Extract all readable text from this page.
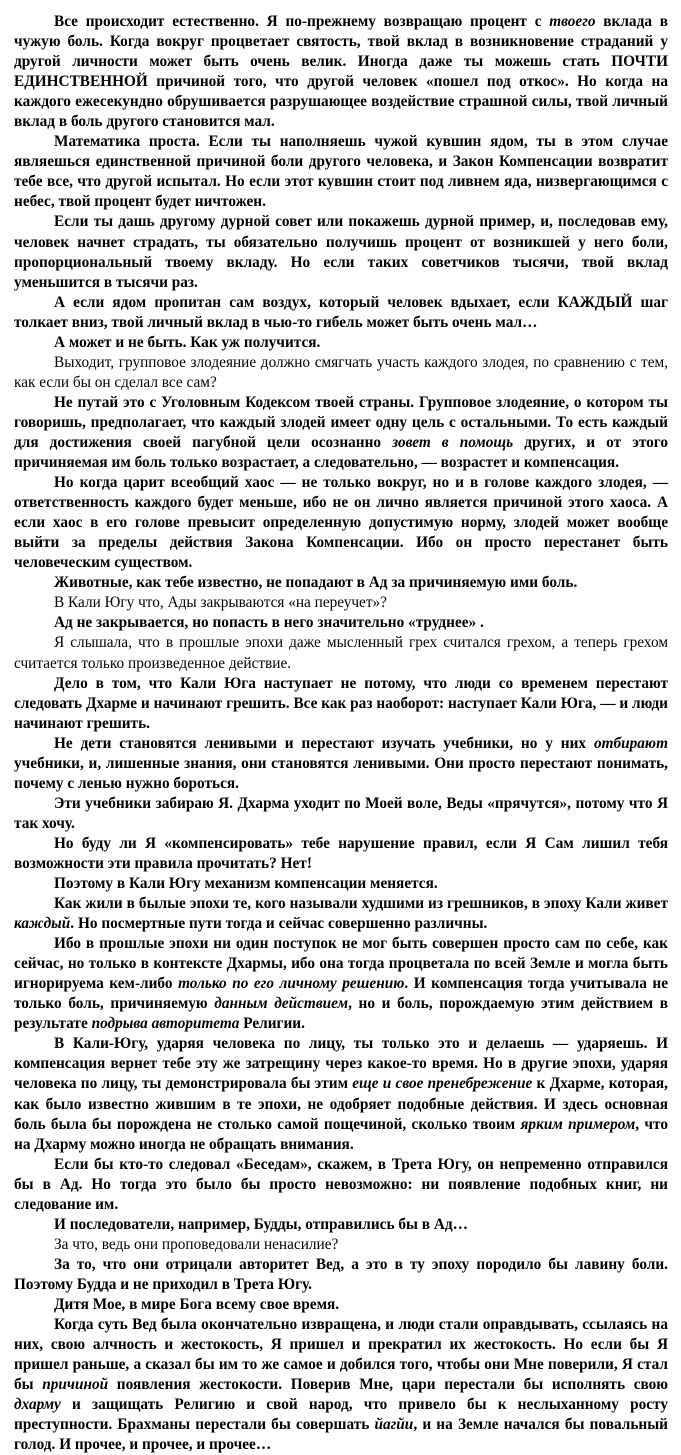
Все происходит естественно. Я по-прежнему возвращаю процент с твоего вклада в чужую боль. Когда вокруг процветает святость, твой вклад в возникновение страданий у другой личности может быть очень велик. Иногда даже ты можешь стать ПОЧТИ ЕДИНСТВЕННОЙ причиной того, что другой человек «пошел под откос». Но когда на каждого ежесекундно обрушивается разрушающее воздействие страшной силы, твой личный вклад в боль другого становится мал.

Математика проста. Если ты наполняешь чужой кувшин ядом, ты в этом случае являешься единственной причиной боли другого человека, и Закон Компенсации возвратит тебе все, что другой испытал. Но если этот кувшин стоит под ливнем яда, низвергающимся с небес, твой процент будет ничтожен.

Если ты дашь другому дурной совет или покажешь дурной пример, и, последовав ему, человек начнет страдать, ты обязательно получишь процент от возникшей у него боли, пропорциональный твоему вкладу. Но если таких советчиков тысячи, твой вклад уменьшится в тысячи раз.

А если ядом пропитан сам воздух, который человек вдыхает, если КАЖДЫЙ шаг толкает вниз, твой личный вклад в чью-то гибель может быть очень мал…

А может и не быть. Как уж получится.

Выходит, групповое злодеяние должно смягчать участь каждого злодея, по сравнению с тем, как если бы он сделал все сам?

Не путай это с Уголовным Кодексом твоей страны. Групповое злодеяние, о котором ты говоришь, предполагает, что каждый злодей имеет одну цель с остальными. То есть каждый для достижения своей пагубной цели осознанно зовет в помощь других, и от этого причиняемая им боль только возрастает, а следовательно, — возрастет и компенсация.

Но когда царит всеобщий хаос — не только вокруг, но и в голове каждого злодея, — ответственность каждого будет меньше, ибо не он лично является причиной этого хаоса. А если хаос в его голове превысит определенную допустимую норму, злодей может вообще выйти за пределы действия Закона Компенсации. Ибо он просто перестанет быть человеческим существом.

Животные, как тебе известно, не попадают в Ад за причиняемую ими боль.

В Кали Югу что, Ады закрываются «на переучет»?

Ад не закрывается, но попасть в него значительно «труднее» .

Я слышала, что в прошлые эпохи даже мысленный грех считался грехом, а теперь грехом считается только произведенное действие.

Дело в том, что Кали Юга наступает не потому, что люди со временем перестают следовать Дхарме и начинают грешить. Все как раз наоборот: наступает Кали Юга, — и люди начинают грешить.

Не дети становятся ленивыми и перестают изучать учебники, но у них отбирают учебники, и, лишенные знания, они становятся ленивыми. Они просто перестают понимать, почему с ленью нужно бороться.

Эти учебники забираю Я. Дхарма уходит по Моей воле, Веды «прячутся», потому что Я так хочу.

Но буду ли Я «компенсировать» тебе нарушение правил, если Я Сам лишил тебя возможности эти правила прочитать? Нет!

Поэтому в Кали Югу механизм компенсации меняется.

Как жили в былые эпохи те, кого называли худшими из грешников, в эпоху Кали живет каждый. Но посмертные пути тогда и сейчас совершенно различны.

Ибо в прошлые эпохи ни один поступок не мог быть совершен просто сам по себе, как сейчас, но только в контексте Дхармы, ибо она тогда процветала по всей Земле и могла быть игнорируема кем-либо только по его личному решению. И компенсация тогда учитывала не только боль, причиняемую данным действием, но и боль, порождаемую этим действием в результате подрыва авторитета Религии.

В Кали-Югу, ударяя человека по лицу, ты только это и делаешь — ударяешь. И компенсация вернет тебе эту же затрещину через какое-то время. Но в другие эпохи, ударяя человека по лицу, ты демонстрировала бы этим еще и свое пренебрежение к Дхарме, которая, как было известно жившим в те эпохи, не одобряет подобные действия. И здесь основная боль была бы порождена не столько самой пощечиной, сколько твоим ярким примером, что на Дхарму можно иногда не обращать внимания.

Если бы кто-то следовал «Беседам», скажем, в Трета Югу, он непременно отправился бы в Ад. Но тогда это было бы просто невозможно: ни появление подобных книг, ни следование им.

И последователи, например, Будды, отправились бы в Ад…

За что, ведь они проповедовали ненасилие?

За то, что они отрицали авторитет Вед, а это в ту эпоху породило бы лавину боли. Поэтому Будда и не приходил в Трета Югу.

Дитя Мое, в мире Бога всему свое время.

Когда суть Вед была окончательно извращена, и люди стали оправдывать, ссылаясь на них, свою алчность и жестокость, Я пришел и прекратил их жестокость. Но если бы Я пришел раньше, а сказал бы им то же самое и добился того, чтобы они Мне поверили, Я стал бы причиной появления жестокости. Поверив Мне, цари перестали бы исполнять свою дхарму и защищать Религию и свой народ, что привело бы к неслыханному росту преступности. Брахманы перестали бы совершать йагйи, и на Земле начался бы повальный голод. И прочее, и прочее, и прочее…
